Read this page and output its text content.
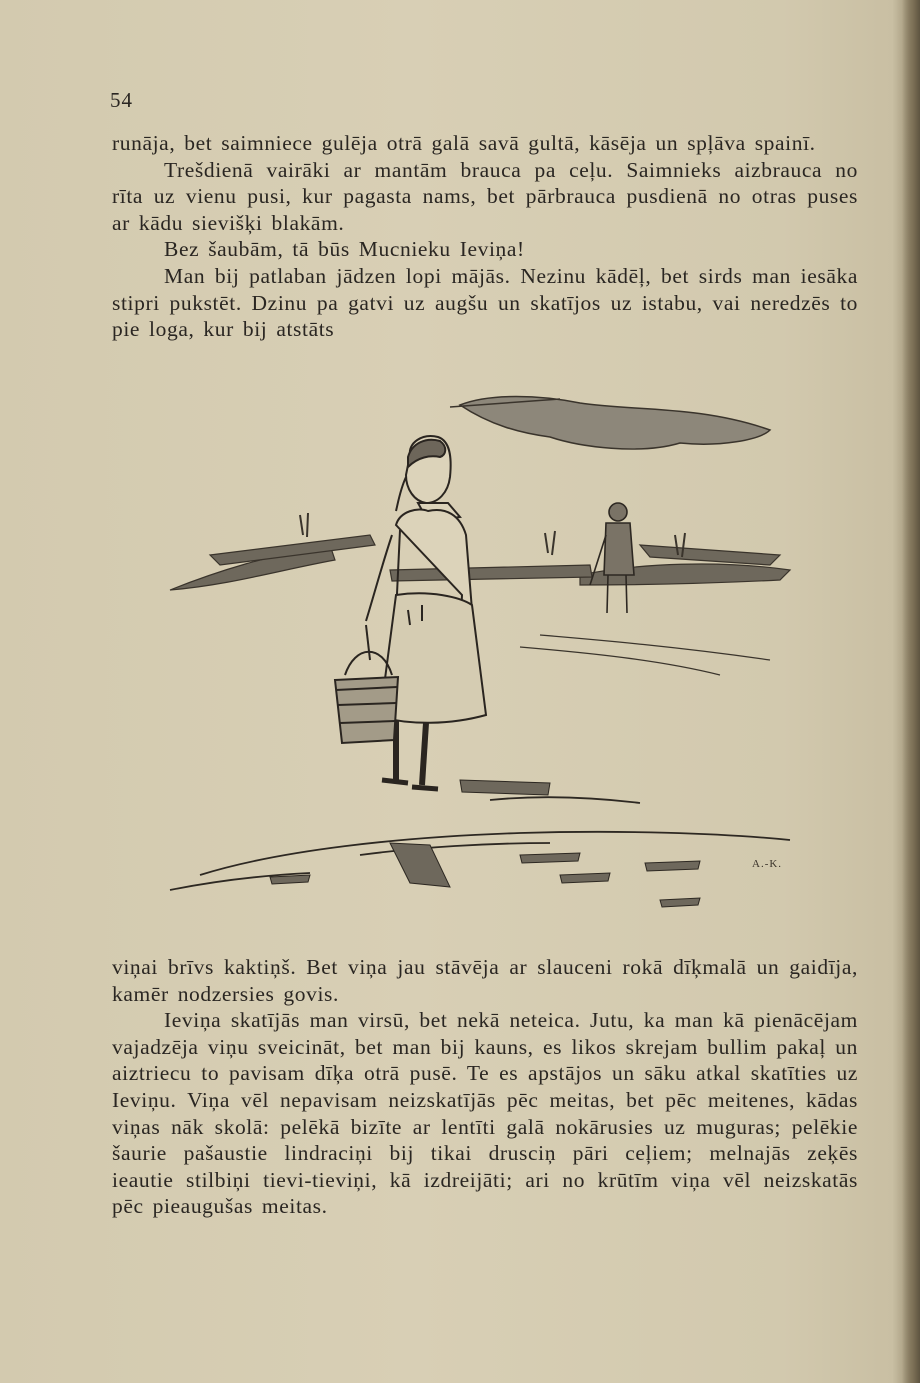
54

runāja, bet saimniece gulēja otrā galā savā gultā, kāsēja un spļāva spainī.

Trešdienā vairāki ar mantām brauca pa ceļu. Saimnieks aizbrauca no rīta uz vienu pusi, kur pagasta nams, bet pārbrauca pusdienā no otras puses ar kādu sievišķi blakām.

Bez šaubām, tā būs Mucnieku Ieviņa!

Man bij patlaban jādzen lopi mājās. Nezinu kādēļ, bet sirds man iesāka stipri pukstēt. Dzinu pa gatvi uz augšu un skatījos uz istabu, vai neredzēs to pie loga, kur bij atstāts

A.-K.

viņai brīvs kaktiņš. Bet viņa jau stāvēja ar slauceni rokā dīķmalā un gaidīja, kamēr nodzersies govis.

Ieviņa skatījās man virsū, bet nekā neteica. Jutu, ka man kā pienācējam vajadzēja viņu sveicināt, bet man bij kauns, es likos skrejam bullim pakaļ un aiztriecu to pavisam dīķa otrā pusē. Te es apstājos un sāku atkal skatīties uz Ieviņu. Viņa vēl nepavisam neizskatījās pēc meitas, bet pēc meitenes, kādas viņas nāk skolā: pelēkā bizīte ar lentīti galā nokārusies uz muguras; pelēkie šaurie pašaustie lindraciņi bij tikai drusciņ pāri ceļiem; melnajās zeķēs ieautie stilbiņi tievi-tieviņi, kā izdreijāti; ari no krūtīm viņa vēl neizskatās pēc pieaugušas meitas.
